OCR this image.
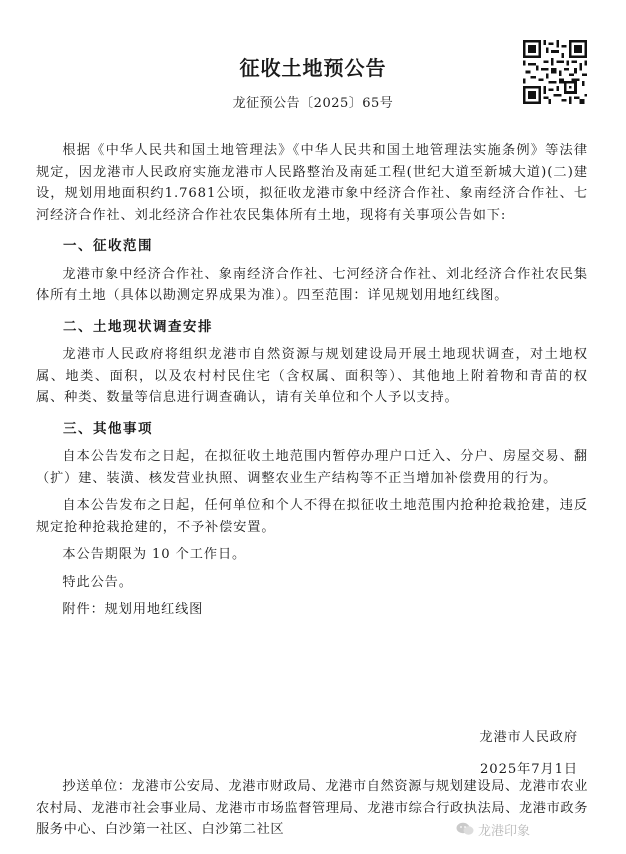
征收土地预公告
龙征预公告〔2025〕65号

根据《中华人民共和国土地管理法》《中华人民共和国土地管理法实施条例》等法律规定，因龙港市人民政府实施龙港市人民路整治及南延工程(世纪大道至新城大道)(二)建设，规划用地面积约1.7681公顷，拟征收龙港市象中经济合作社、象南经济合作社、七河经济合作社、刘北经济合作社农民集体所有土地，现将有关事项公告如下:

一、征收范围

龙港市象中经济合作社、象南经济合作社、七河经济合作社、刘北经济合作社农民集体所有土地（具体以勘测定界成果为准）。四至范围：详见规划用地红线图。

二、土地现状调查安排

龙港市人民政府将组织龙港市自然资源与规划建设局开展土地现状调查，对土地权属、地类、面积，以及农村村民住宅（含权属、面积等）、其他地上附着物和青苗的权属、种类、数量等信息进行调查确认，请有关单位和个人予以支持。

三、其他事项

自本公告发布之日起，在拟征收土地范围内暂停办理户口迁入、分户、房屋交易、翻（扩）建、装潢、核发营业执照、调整农业生产结构等不正当增加补偿费用的行为。

自本公告发布之日起，任何单位和个人不得在拟征收土地范围内抢种抢栽抢建，违反规定抢种抢栽抢建的，不予补偿安置。

本公告期限为 10 个工作日。

特此公告。

附件：规划用地红线图

龙港市人民政府
2025年7月1日
抄送单位：龙港市公安局、龙港市财政局、龙港市自然资源与规划建设局、龙港市农业农村局、龙港市社会事业局、龙港市市场监督管理局、龙港市综合行政执法局、龙港市政务服务中心、白沙第一社区、白沙第二社区	龙港印象
